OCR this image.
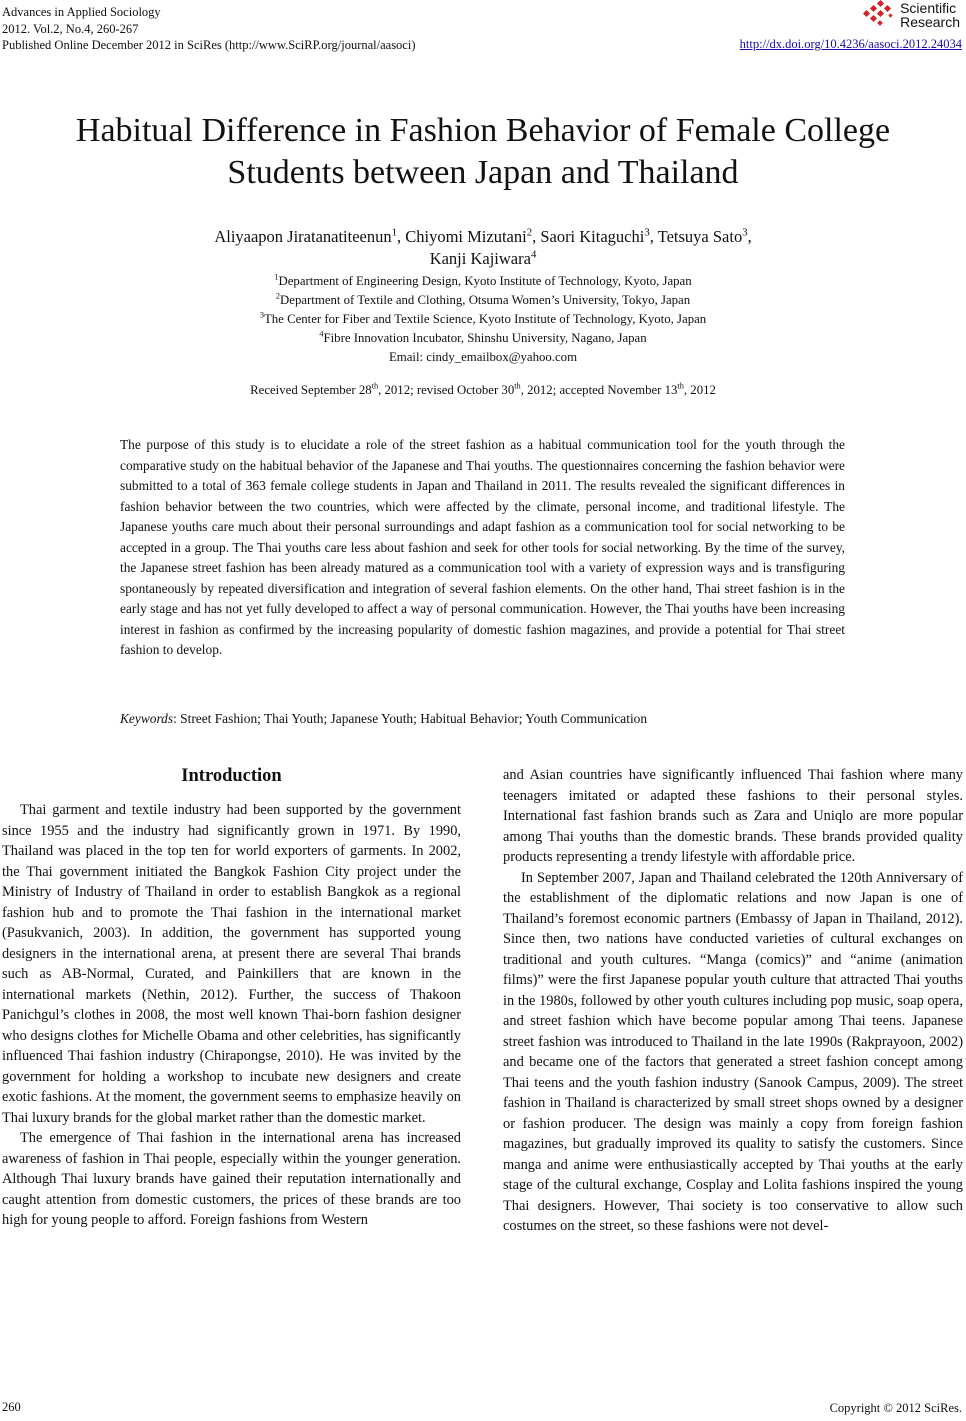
Advances in Applied Sociology
2012. Vol.2, No.4, 260-267
Published Online December 2012 in SciRes (http://www.SciRP.org/journal/aasoci)
Scientific
Research
http://dx.doi.org/10.4236/aasoci.2012.24034
Habitual Difference in Fashion Behavior of Female College
Students between Japan and Thailand
Aliyaapon Jiratanatiteenun$^1$, Chiyomi Mizutani$^2$, Saori Kitaguchi$^3$, Tetsuya Sato$^3$,
Kanji Kajiwara$^4$
$^1$Department of Engineering Design, Kyoto Institute of Technology, Kyoto, Japan
$^2$Department of Textile and Clothing, Otsuma Women’s University, Tokyo, Japan
$^3$The Center for Fiber and Textile Science, Kyoto Institute of Technology, Kyoto, Japan
$^4$Fibre Innovation Incubator, Shinshu University, Nagano, Japan
Email: cindy_emailbox@yahoo.com
Received September 28th, 2012; revised October 30th, 2012; accepted November 13th, 2012
The purpose of this study is to elucidate a role of the street fashion as a habitual communication tool for the youth through the comparative study on the habitual behavior of the Japanese and Thai youths. The questionnaires concerning the fashion behavior were submitted to a total of 363 female college students in Japan and Thailand in 2011. The results revealed the significant differences in fashion behavior between the two countries, which were affected by the climate, personal income, and traditional lifestyle. The Japanese youths care much about their personal surroundings and adapt fashion as a communication tool for social networking to be accepted in a group. The Thai youths care less about fashion and seek for other tools for social networking. By the time of the survey, the Japanese street fashion has been already matured as a communication tool with a variety of expression ways and is transfiguring spontaneously by repeated diversification and integration of several fashion elements. On the other hand, Thai street fashion is in the early stage and has not yet fully developed to affect a way of personal communication. However, the Thai youths have been increasing interest in fashion as confirmed by the increasing popularity of domestic fashion magazines, and provide a potential for Thai street fashion to develop.
Keywords: Street Fashion; Thai Youth; Japanese Youth; Habitual Behavior; Youth Communication
Introduction

Thai garment and textile industry had been supported by the government since 1955 and the industry had significantly grown in 1971. By 1990, Thailand was placed in the top ten for world exporters of garments. In 2002, the Thai government initiated the Bangkok Fashion City project under the Ministry of Industry of Thailand in order to establish Bangkok as a regional fashion hub and to promote the Thai fashion in the international market (Pasukvanich, 2003). In addition, the government has supported young designers in the international arena, at present there are several Thai brands such as AB-Normal, Curated, and Painkillers that are known in the international markets (Nethin, 2012). Further, the success of Thakoon Panichgul’s clothes in 2008, the most well known Thai-born fashion designer who designs clothes for Michelle Obama and other celebrities, has significantly influenced Thai fashion industry (Chirapongse, 2010). He was invited by the government for holding a workshop to incubate new designers and create exotic fashions. At the moment, the government seems to emphasize heavily on Thai luxury brands for the global market rather than the domestic market.

The emergence of Thai fashion in the international arena has increased awareness of fashion in Thai people, especially within the younger generation. Although Thai luxury brands have gained their reputation internationally and caught attention from domestic customers, the prices of these brands are too high for young people to afford. Foreign fashions from Western

and Asian countries have significantly influenced Thai fashion where many teenagers imitated or adapted these fashions to their personal styles. International fast fashion brands such as Zara and Uniqlo are more popular among Thai youths than the domestic brands. These brands provided quality products representing a trendy lifestyle with affordable price.

In September 2007, Japan and Thailand celebrated the 120th Anniversary of the establishment of the diplomatic relations and now Japan is one of Thailand’s foremost economic partners (Embassy of Japan in Thailand, 2012). Since then, two nations have conducted varieties of cultural exchanges on traditional and youth cultures. “Manga (comics)” and “anime (animation films)” were the first Japanese popular youth culture that attracted Thai youths in the 1980s, followed by other youth cultures including pop music, soap opera, and street fashion which have become popular among Thai teens. Japanese street fashion was introduced to Thailand in the late 1990s (Rakprayoon, 2002) and became one of the factors that generated a street fashion concept among Thai teens and the youth fashion industry (Sanook Campus, 2009). The street fashion in Thailand is characterized by small street shops owned by a designer or fashion producer. The design was mainly a copy from foreign fashion magazines, but gradually improved its quality to satisfy the customers. Since manga and anime were enthusiastically accepted by Thai youths at the early stage of the cultural exchange, Cosplay and Lolita fashions inspired the young Thai designers. However, Thai society is too conservative to allow such costumes on the street, so these fashions were not devel-

260	Copyright © 2012 SciRes.
